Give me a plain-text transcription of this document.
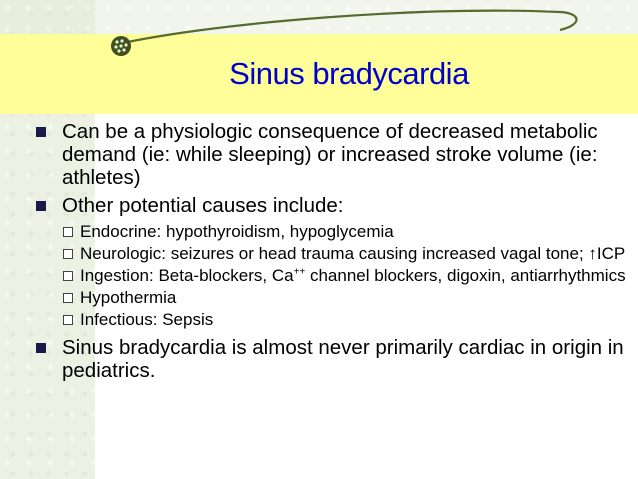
Sinus bradycardia
Can be a physiologic consequence of decreased metabolic demand (ie: while sleeping) or increased stroke volume (ie: athletes)
Other potential causes include:
Endocrine: hypothyroidism, hypoglycemia
Neurologic: seizures or head trauma causing increased vagal tone; ↑ICP
Ingestion: Beta-blockers, Ca++ channel blockers, digoxin, antiarrhythmics
Hypothermia
Infectious: Sepsis
Sinus bradycardia is almost never primarily cardiac in origin in pediatrics.
